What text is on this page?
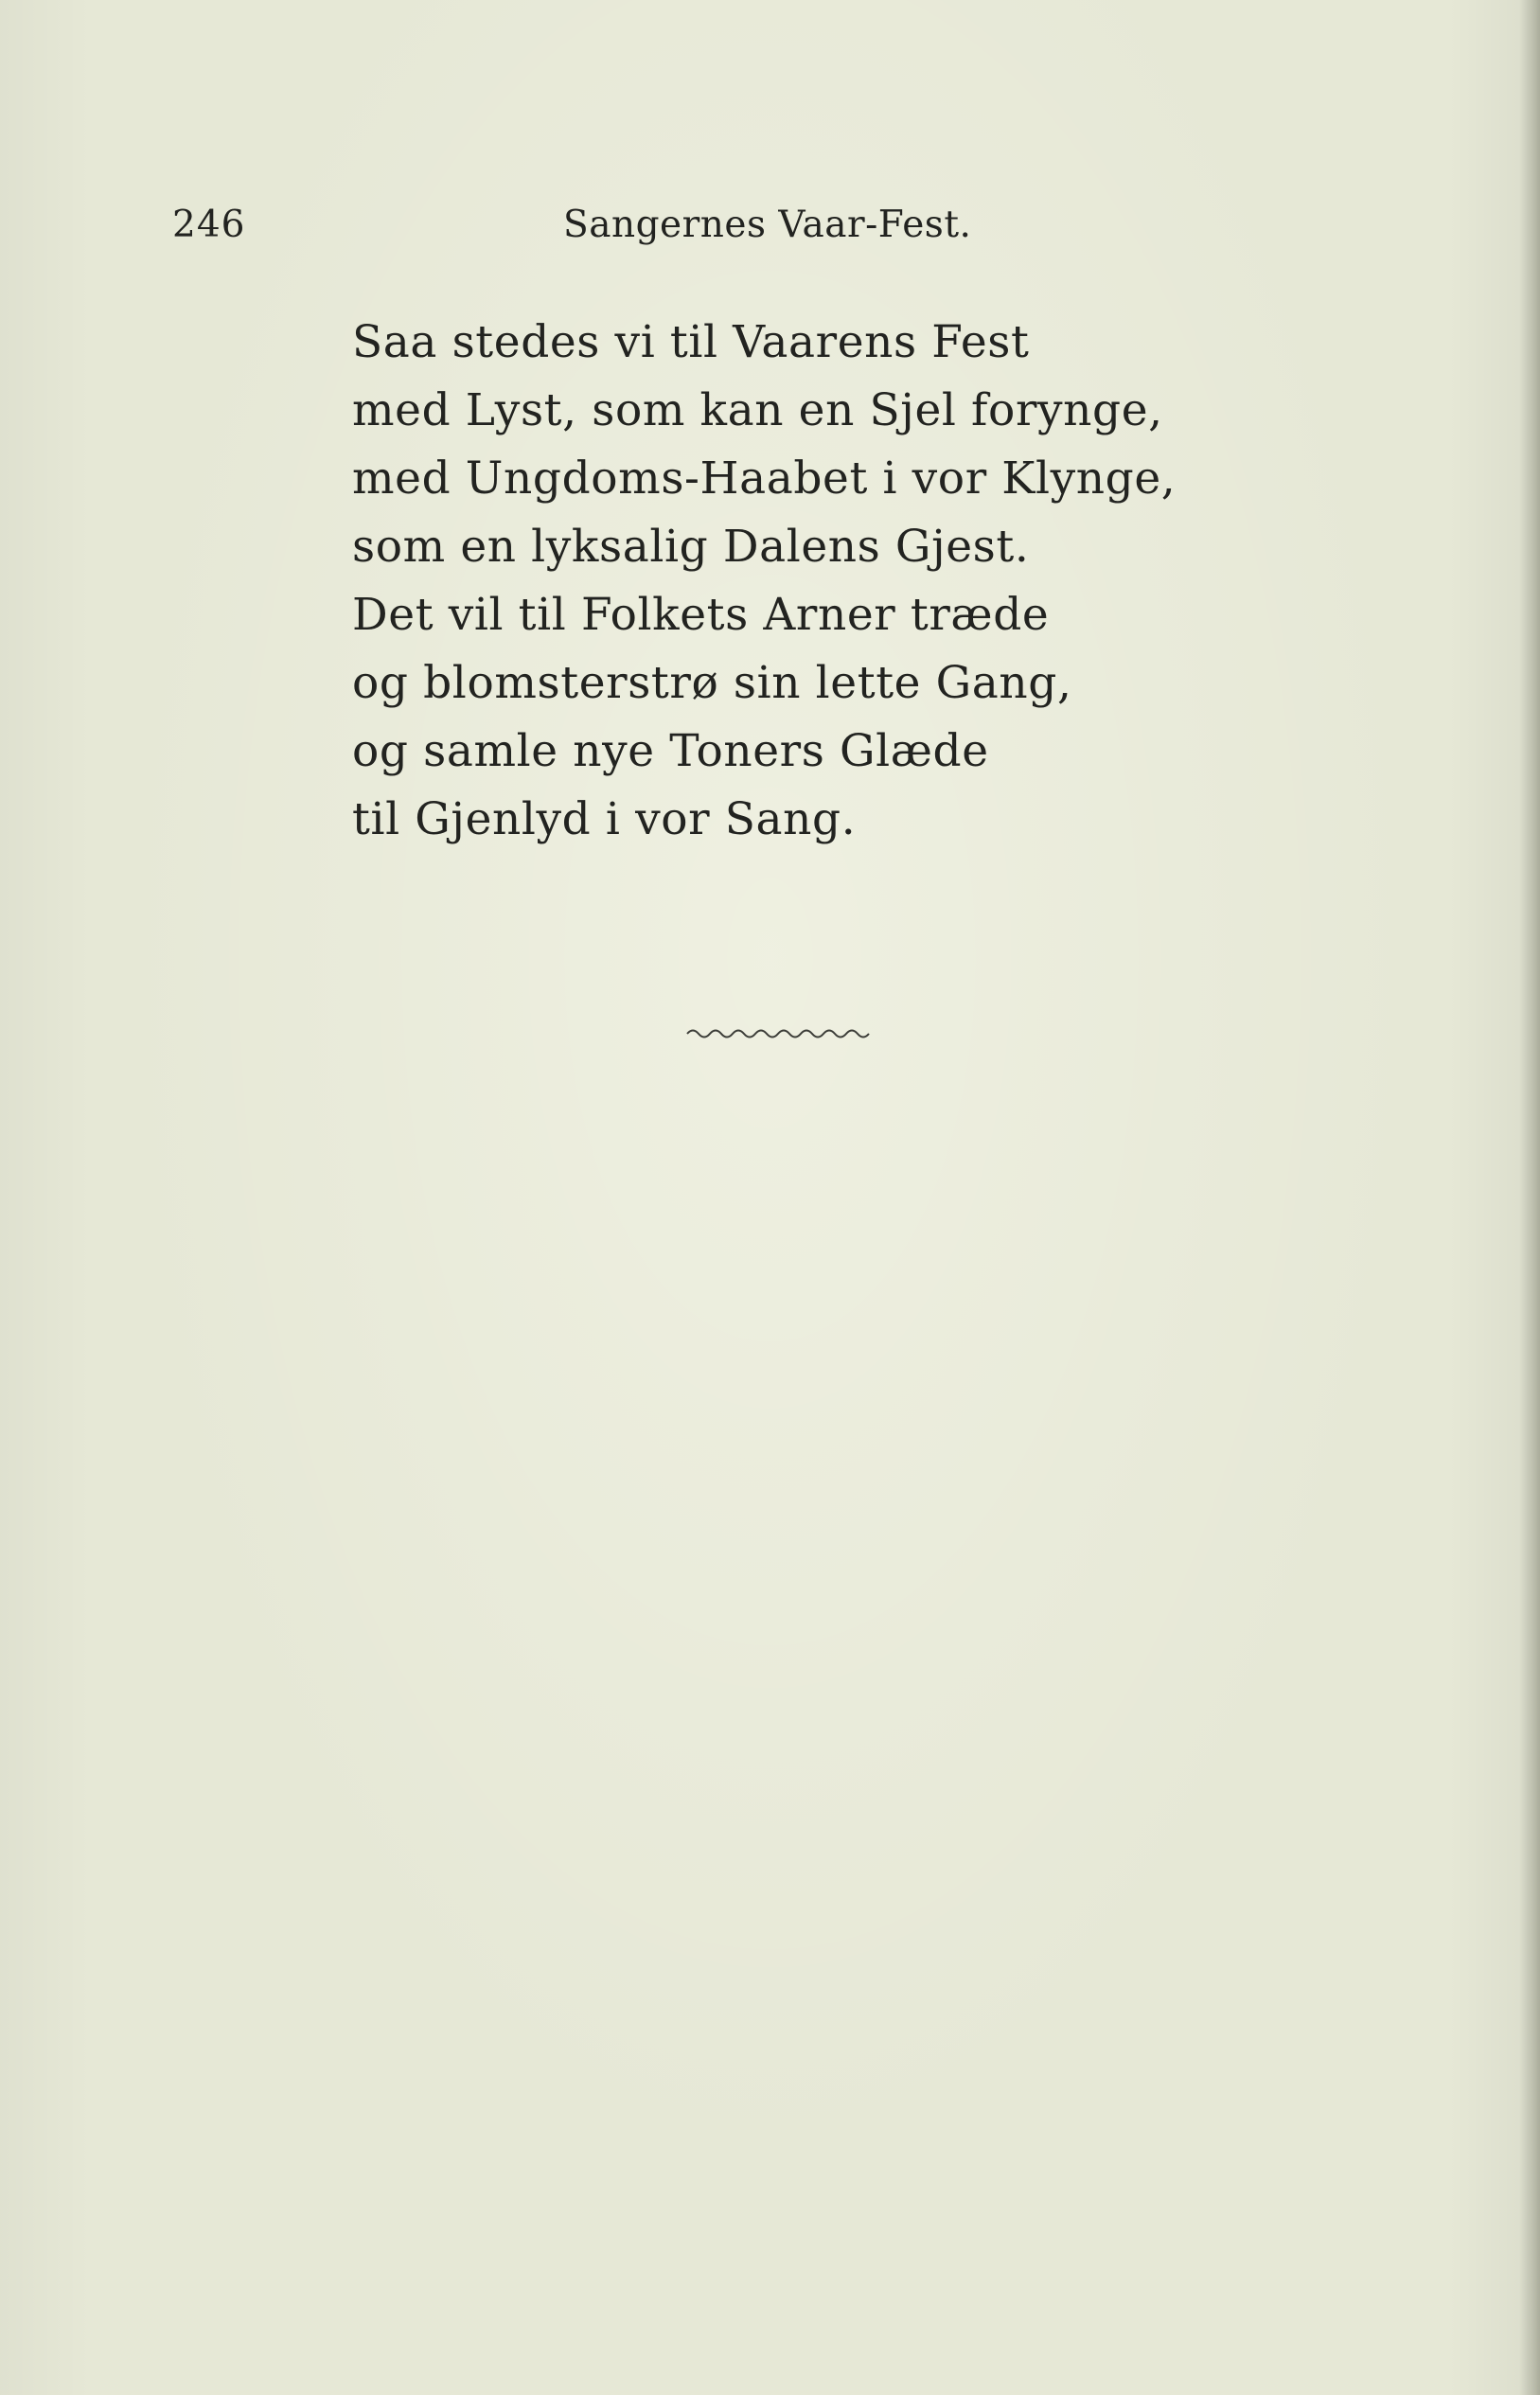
246	Sangernes Vaar-Fest.
Saa stedes vi til Vaarens Fest
med Lyst, som kan en Sjel forynge,
med Ungdoms-Haabet i vor Klynge,
som en lyksalig Dalens Gjest.
Det vil til Folkets Arner træde
og blomsterstrø sin lette Gang,
og samle nye Toners Glæde
til Gjenlyd i vor Sang.
